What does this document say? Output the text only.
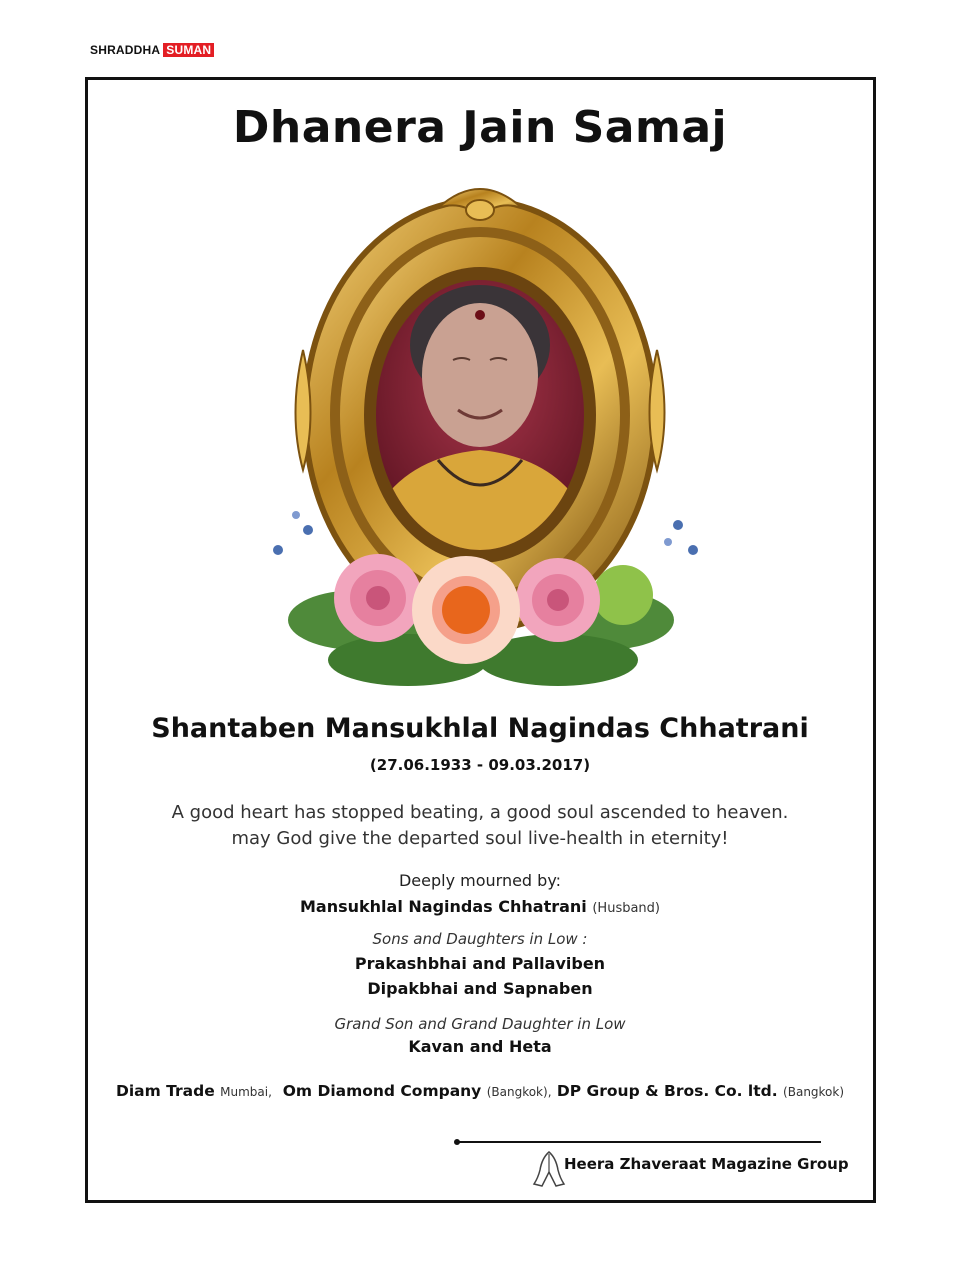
SHRADDHA SUMAN
Dhanera Jain Samaj
Shantaben Mansukhlal Nagindas Chhatrani
(27.06.1933 - 09.03.2017)
A good heart has stopped beating, a good soul ascended to heaven.
may God give the departed soul live-health in eternity!
Deeply mourned by:
Mansukhlal Nagindas Chhatrani (Husband)
Sons and Daughters in Low :
Prakashbhai and Pallaviben
Dipakbhai and Sapnaben
Grand Son and Grand Daughter in Low
Kavan and Heta
Diam Trade Mumbai, Om Diamond Company (Bangkok), DP Group & Bros. Co. ltd. (Bangkok)
Heera Zhaveraat Magazine Group
